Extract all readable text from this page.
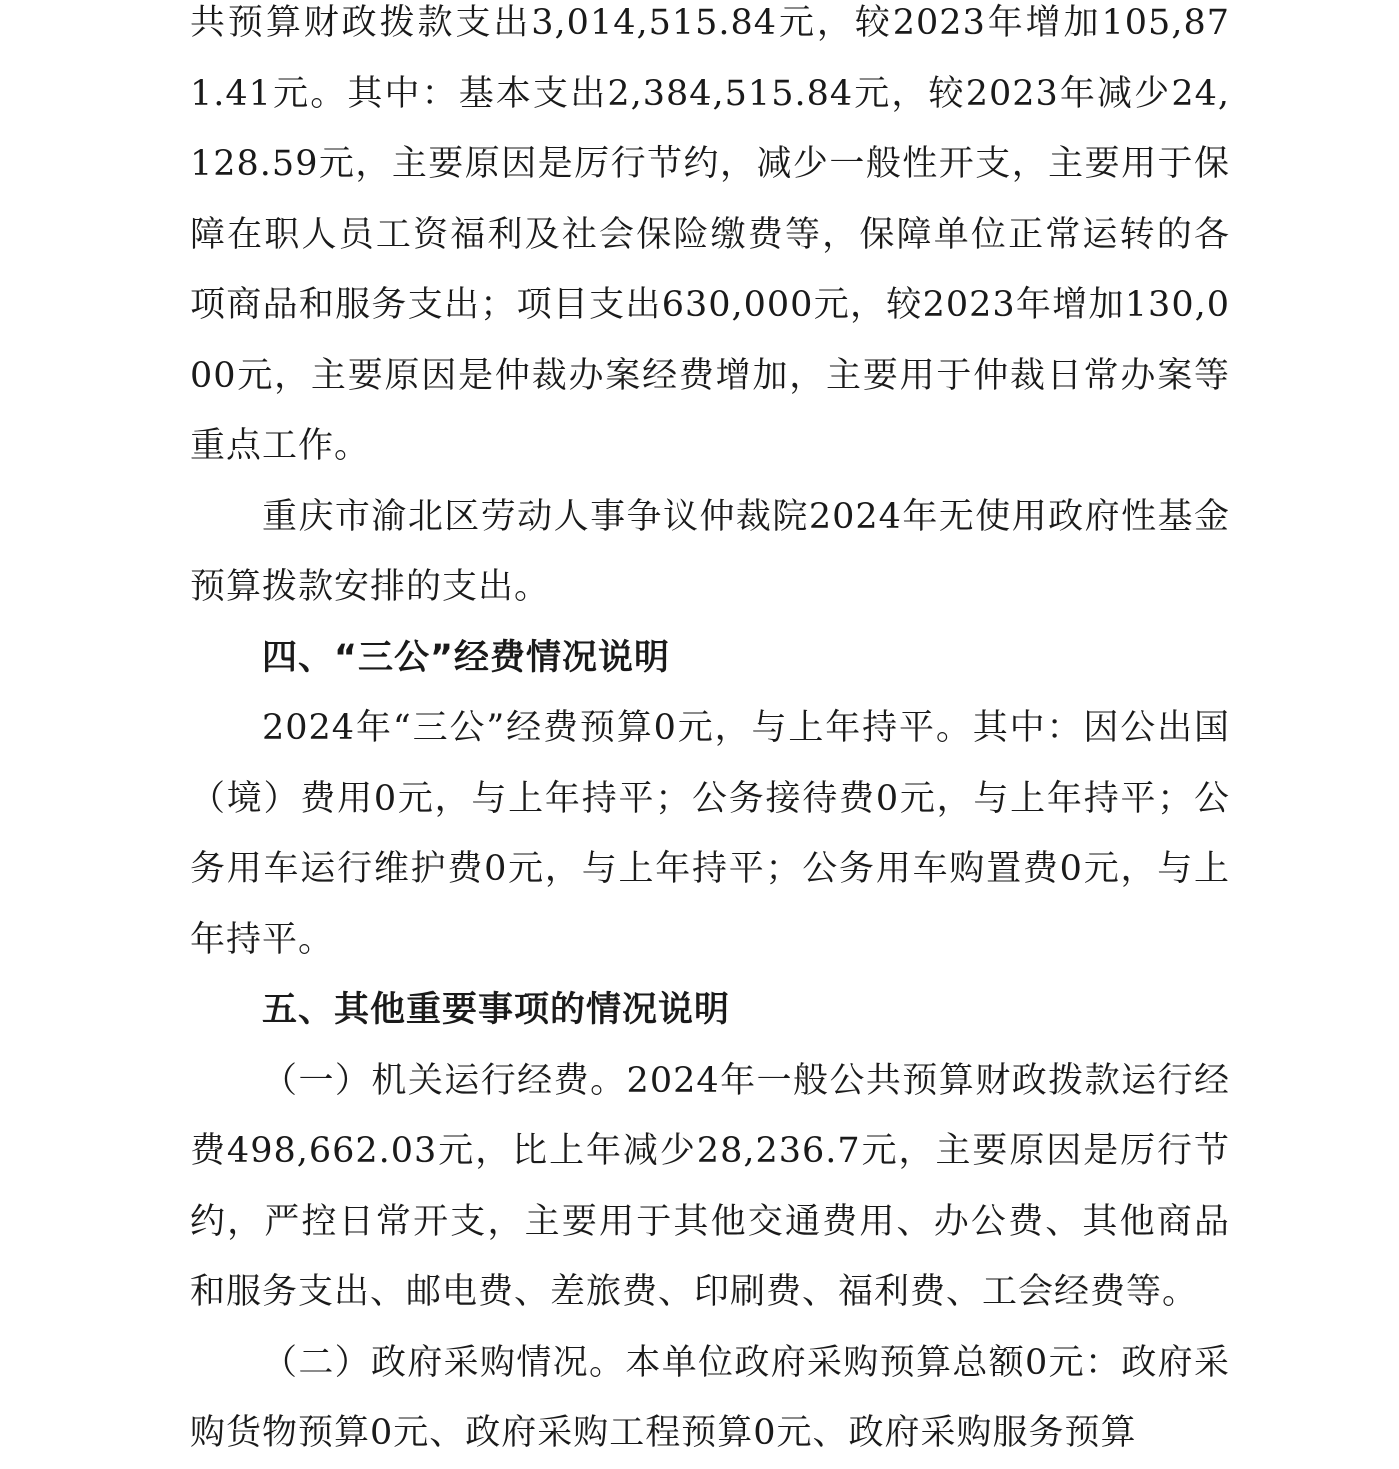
共预算财政拨款支出3,014,515.84元，较2023年增加105,871.41元。其中：基本支出2,384,515.84元，较2023年减少24,128.59元，主要原因是厉行节约，减少一般性开支，主要用于保障在职人员工资福利及社会保险缴费等，保障单位正常运转的各项商品和服务支出；项目支出630,000元，较2023年增加130,000元，主要原因是仲裁办案经费增加，主要用于仲裁日常办案等重点工作。

重庆市渝北区劳动人事争议仲裁院2024年无使用政府性基金预算拨款安排的支出。

四、“三公”经费情况说明

2024年“三公”经费预算0元，与上年持平。其中：因公出国（境）费用0元，与上年持平；公务接待费0元，与上年持平；公务用车运行维护费0元，与上年持平；公务用车购置费0元，与上年持平。

五、其他重要事项的情况说明

（一）机关运行经费。2024年一般公共预算财政拨款运行经费498,662.03元，比上年减少28,236.7元，主要原因是厉行节约，严控日常开支，主要用于其他交通费用、办公费、其他商品和服务支出、邮电费、差旅费、印刷费、福利费、工会经费等。

（二）政府采购情况。本单位政府采购预算总额0元：政府采购货物预算0元、政府采购工程预算0元、政府采购服务预算
